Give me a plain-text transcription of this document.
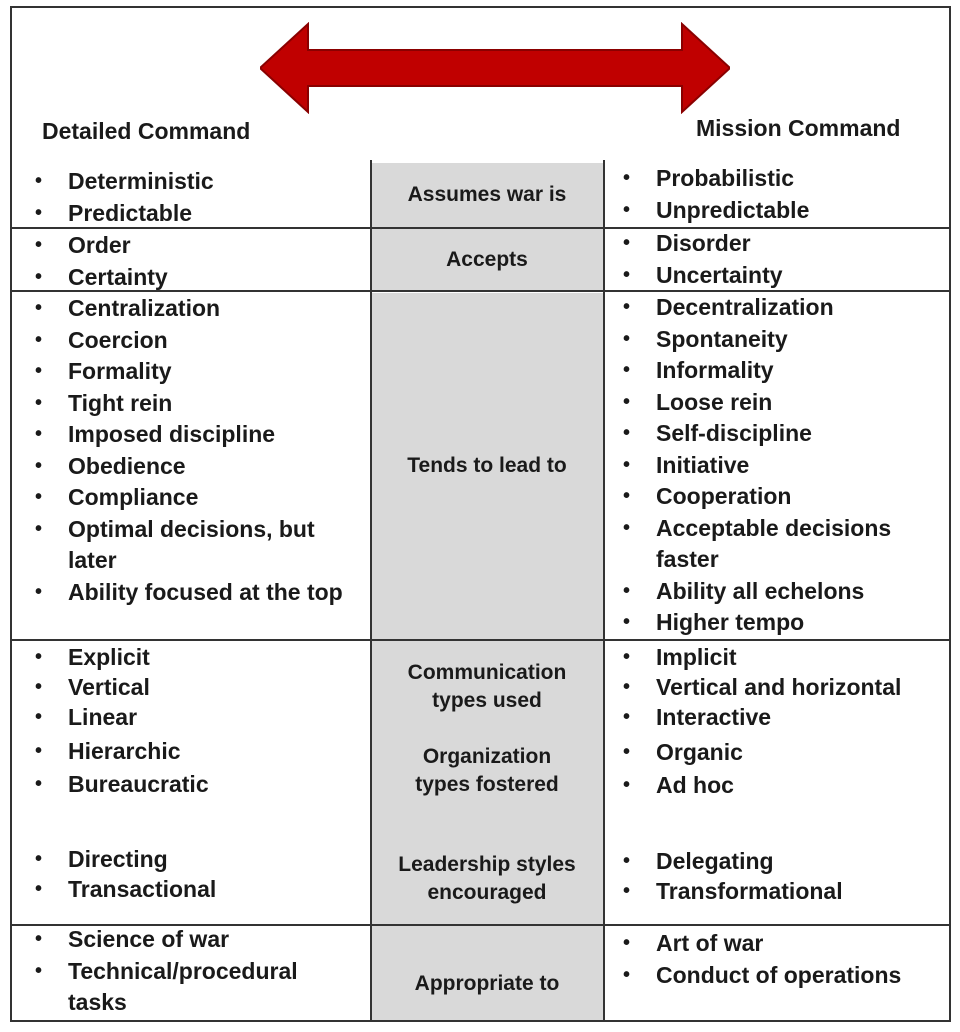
Detailed Command	Mission Command
Assumes war is
Accepts
Tends to lead to
Communication types used
Organization types fostered
Leadership styles encouraged
Appropriate to
• Deterministic
• Predictable
• Probabilistic
• Unpredictable
• Order
• Certainty
• Disorder
• Uncertainty
• Centralization
• Coercion
• Formality
• Tight rein
• Imposed discipline
• Obedience
• Compliance
• Optimal decisions, but later
• Ability focused at the top
• Decentralization
• Spontaneity
• Informality
• Loose rein
• Self-discipline
• Initiative
• Cooperation
• Acceptable decisions faster
• Ability all echelons
• Higher tempo
• Explicit
• Vertical
• Linear
• Hierarchic
• Bureaucratic
• Directing
• Transactional
• Implicit
• Vertical and horizontal
• Interactive
• Organic
• Ad hoc
• Delegating
• Transformational
• Science of war
• Technical/procedural tasks
• Art of war
• Conduct of operations
